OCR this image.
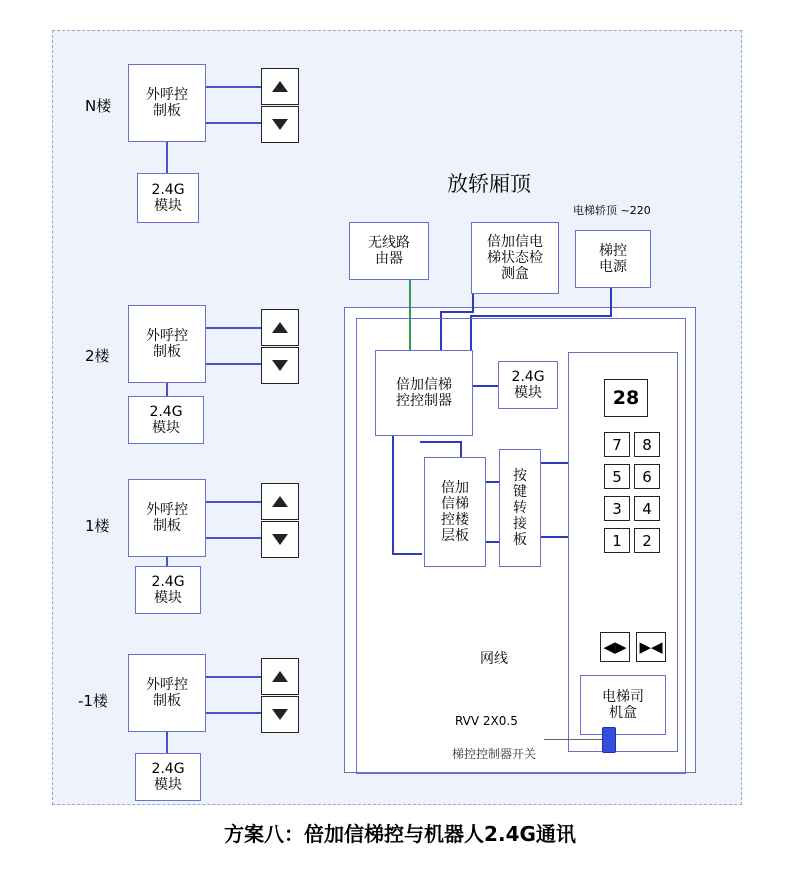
N楼
外呼控
制板
2.4G
模块
2楼
外呼控
制板
2.4G
模块
1楼
外呼控
制板
2.4G
模块
-1楼
外呼控
制板
2.4G
模块
放轿厢顶
无线路
由器
倍加信电
梯状态检
测盒
梯控
电源
电梯轿顶 ~220
倍加信梯
控控制器
2.4G
模块
倍加
信梯
控楼
层板
按
键
转
接
板
28
7	8
5	6
3	4
1	2
◀▶ ▶◀
电梯司
机盒
网线
RVV 2X0.5
梯控控制器开关
方案八：倍加信梯控与机器人2.4G通讯
